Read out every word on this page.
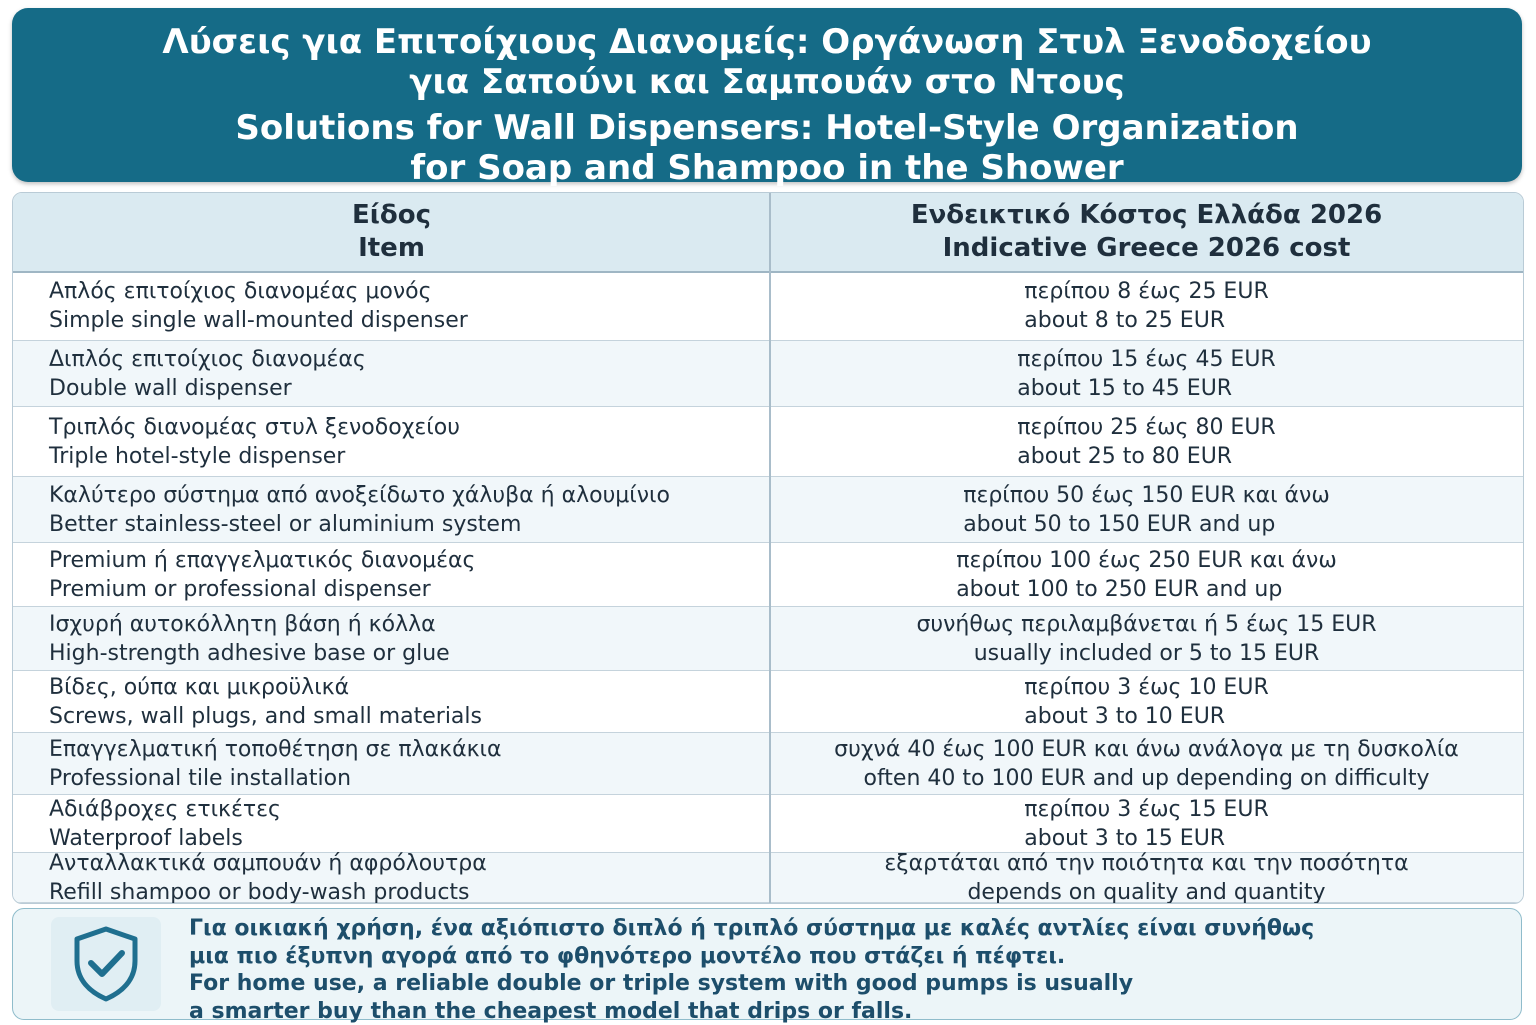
Λύσεις για Επιτοίχιους Διανομείς: Οργάνωση Στυλ Ξενοδοχείου
για Σαπούνι και Σαμπουάν στο Ντους
Solutions for Wall Dispensers: Hotel-Style Organization
for Soap and Shampoo in the Shower
Είδος
Item
Ενδεικτικό Κόστος Ελλάδα 2026
Indicative Greece 2026 cost
Απλός επιτοίχιος διανομέας μονός
Simple single wall-mounted dispenser
περίπου 8 έως 25 EUR
about 8 to 25 EUR
Διπλός επιτοίχιος διανομέας
Double wall dispenser
περίπου 15 έως 45 EUR
about 15 to 45 EUR
Τριπλός διανομέας στυλ ξενοδοχείου
Triple hotel-style dispenser
περίπου 25 έως 80 EUR
about 25 to 80 EUR
Καλύτερο σύστημα από ανοξείδωτο χάλυβα ή αλουμίνιο
Better stainless-steel or aluminium system
περίπου 50 έως 150 EUR και άνω
about 50 to 150 EUR and up
Premium ή επαγγελματικός διανομέας
Premium or professional dispenser
περίπου 100 έως 250 EUR και άνω
about 100 to 250 EUR and up
Ισχυρή αυτοκόλλητη βάση ή κόλλα
High-strength adhesive base or glue
συνήθως περιλαμβάνεται ή 5 έως 15 EUR
usually included or 5 to 15 EUR
Βίδες, ούπα και μικροϋλικά
Screws, wall plugs, and small materials
περίπου 3 έως 10 EUR
about 3 to 10 EUR
Επαγγελματική τοποθέτηση σε πλακάκια
Professional tile installation
συχνά 40 έως 100 EUR και άνω ανάλογα με τη δυσκολία
often 40 to 100 EUR and up depending on difficulty
Αδιάβροχες ετικέτες
Waterproof labels
περίπου 3 έως 15 EUR
about 3 to 15 EUR
Ανταλλακτικά σαμπουάν ή αφρόλουτρα
Refill shampoo or body-wash products
εξαρτάται από την ποιότητα και την ποσότητα
depends on quality and quantity
Για οικιακή χρήση, ένα αξιόπιστο διπλό ή τριπλό σύστημα με καλές αντλίες είναι συνήθως
μια πιο έξυπνη αγορά από το φθηνότερο μοντέλο που στάζει ή πέφτει.
For home use, a reliable double or triple system with good pumps is usually
a smarter buy than the cheapest model that drips or falls.
